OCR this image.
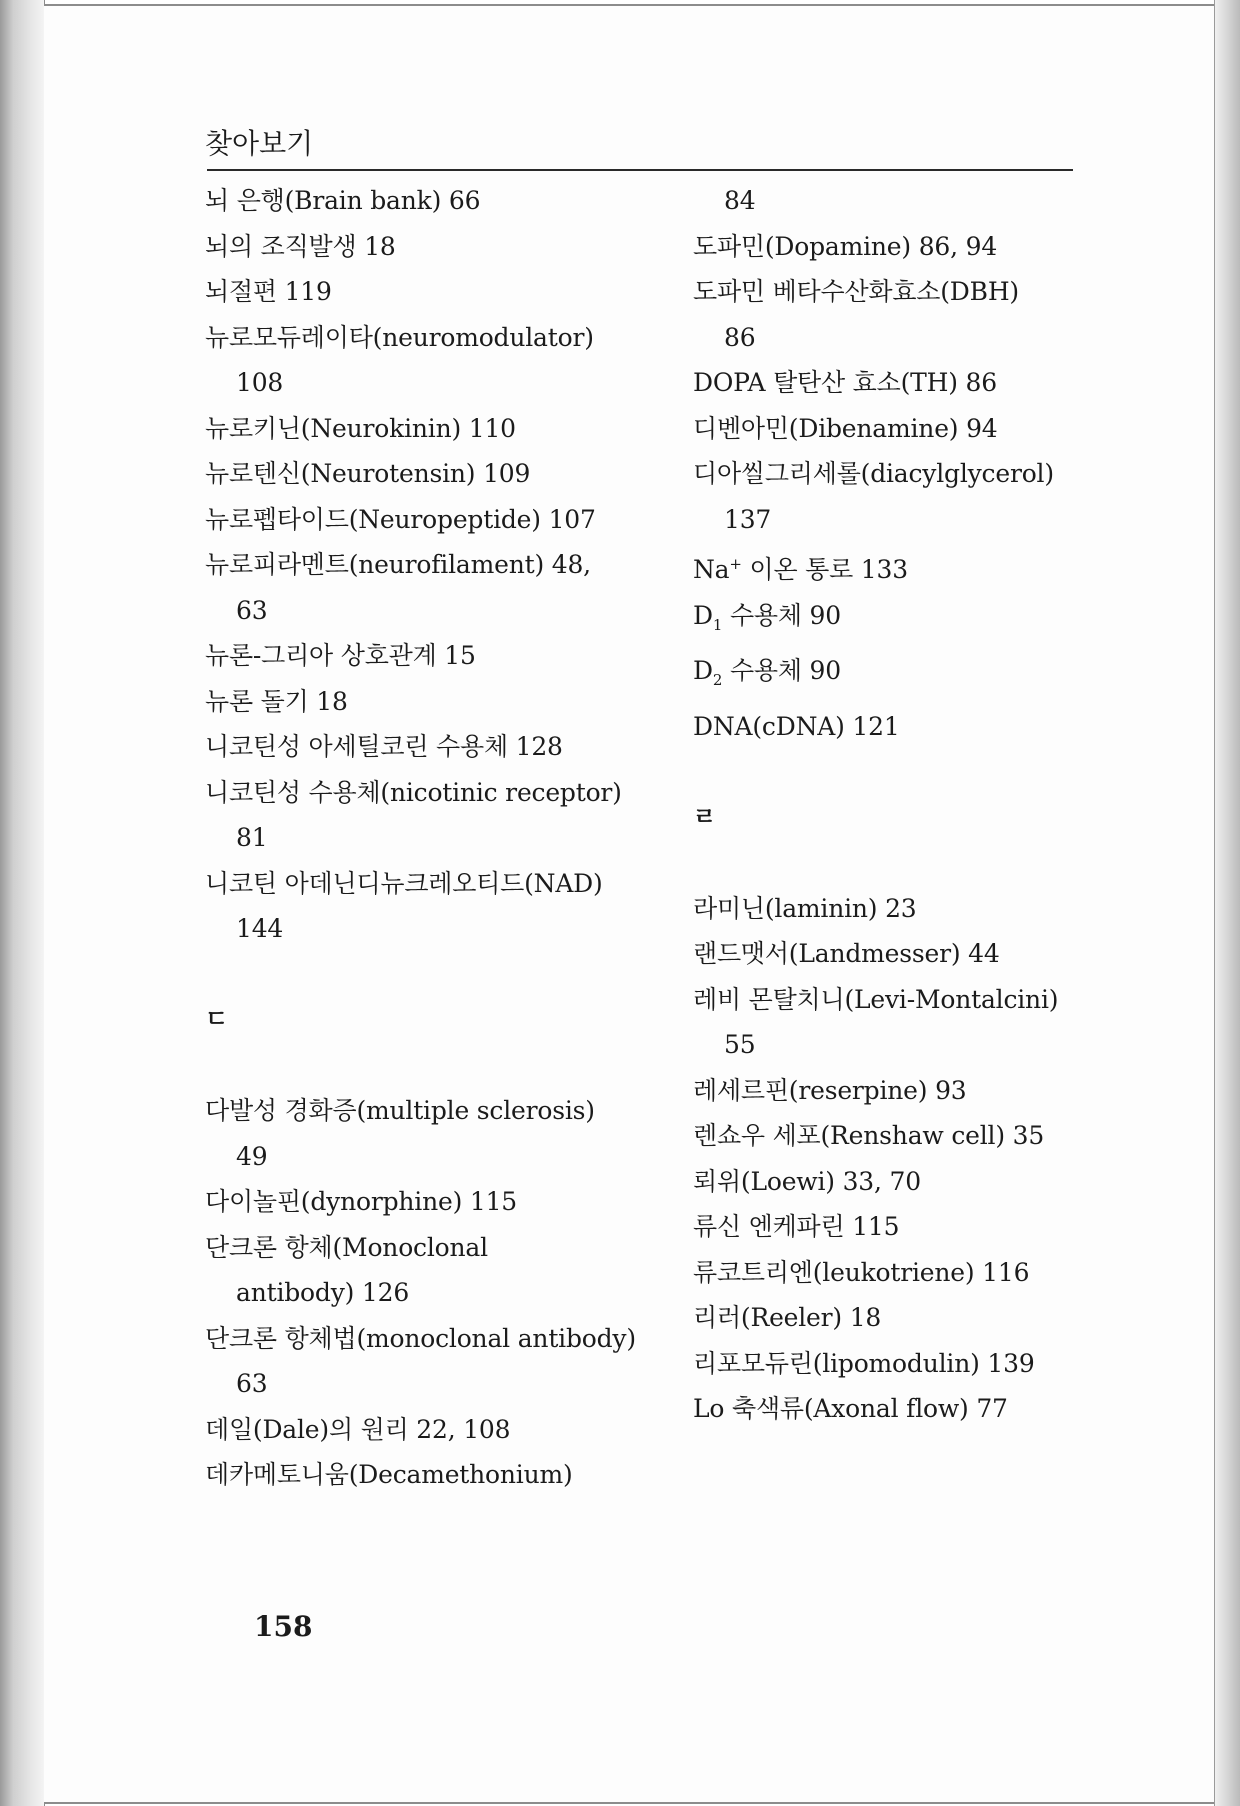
찾아보기
뇌 은행(Brain bank) 66
뇌의 조직발생 18
뇌절편 119
뉴로모듀레이타(neuromodulator)
108
뉴로키닌(Neurokinin) 110
뉴로텐신(Neurotensin) 109
뉴로펩타이드(Neuropeptide) 107
뉴로피라멘트(neurofilament) 48,
63
뉴론-그리아 상호관계 15
뉴론 돌기 18
니코틴성 아세틸코린 수용체 128
니코틴성 수용체(nicotinic receptor)
81
니코틴 아데닌디뉴크레오티드(NAD)
144
ㄷ
다발성 경화증(multiple sclerosis)
49
다이놀핀(dynorphine) 115
단크론 항체(Monoclonal
antibody) 126
단크론 항체법(monoclonal antibody)
63
데일(Dale)의 원리 22, 108
데카메토니움(Decamethonium)
84
도파민(Dopamine) 86, 94
도파민 베타수산화효소(DBH)
86
DOPA 탈탄산 효소(TH) 86
디벤아민(Dibenamine) 94
디아씰그리세롤(diacylglycerol)
137
Na+ 이온 통로 133
$D_1$ 수용체 90
$D_2$ 수용체 90
DNA(cDNA) 121
ㄹ
라미닌(laminin) 23
랜드맷서(Landmesser) 44
레비 몬탈치니(Levi-Montalcini)
55
레세르핀(reserpine) 93
렌쇼우 세포(Renshaw cell) 35
뢰위(Loewi) 33, 70
류신 엔케파린 115
류코트리엔(leukotriene) 116
리러(Reeler) 18
리포모듀린(lipomodulin) 139
Lo 축색류(Axonal flow) 77
158
